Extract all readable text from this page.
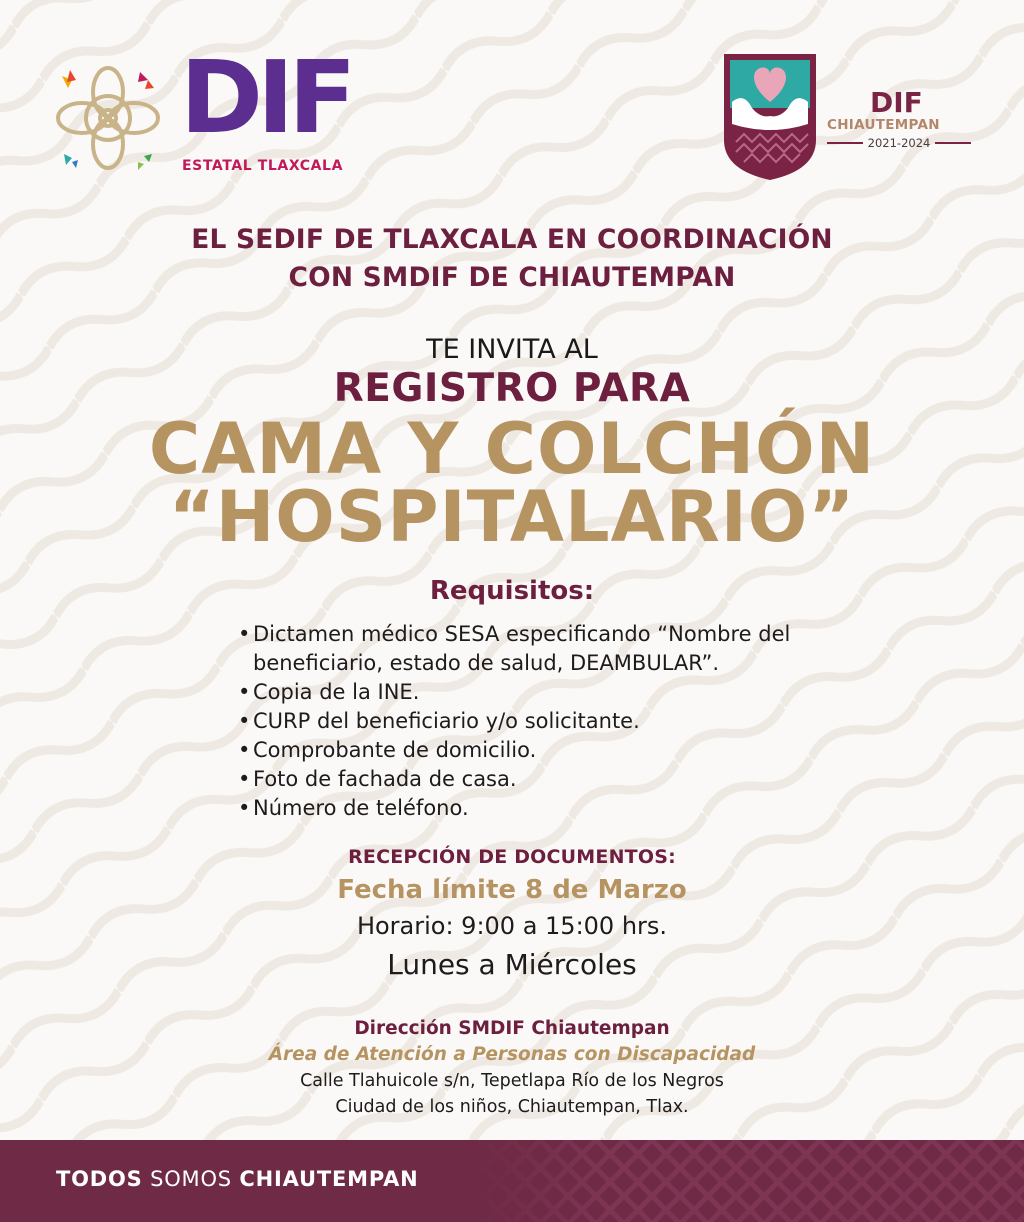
DIF
ESTATAL TLAXCALA
DIF
CHIAUTEMPAN
2021-2024
EL SEDIF DE TLAXCALA EN COORDINACIÓN
CON SMDIF DE CHIAUTEMPAN
TE INVITA AL
REGISTRO PARA
CAMA Y COLCHÓN
“HOSPITALARIO”
Requisitos:
• Dictamen médico SESA especificando “Nombre del beneficiario, estado de salud, DEAMBULAR”.
• Copia de la INE.
• CURP del beneficiario y/o solicitante.
• Comprobante de domicilio.
• Foto de fachada de casa.
• Número de teléfono.
RECEPCIÓN DE DOCUMENTOS:
Fecha límite 8 de Marzo
Horario: 9:00 a 15:00 hrs.
Lunes a Miércoles
Dirección SMDIF Chiautempan
Área de Atención a Personas con Discapacidad
Calle Tlahuicole s/n, Tepetlapa Río de los Negros
Ciudad de los niños, Chiautempan, Tlax.
TODOS SOMOS CHIAUTEMPAN
